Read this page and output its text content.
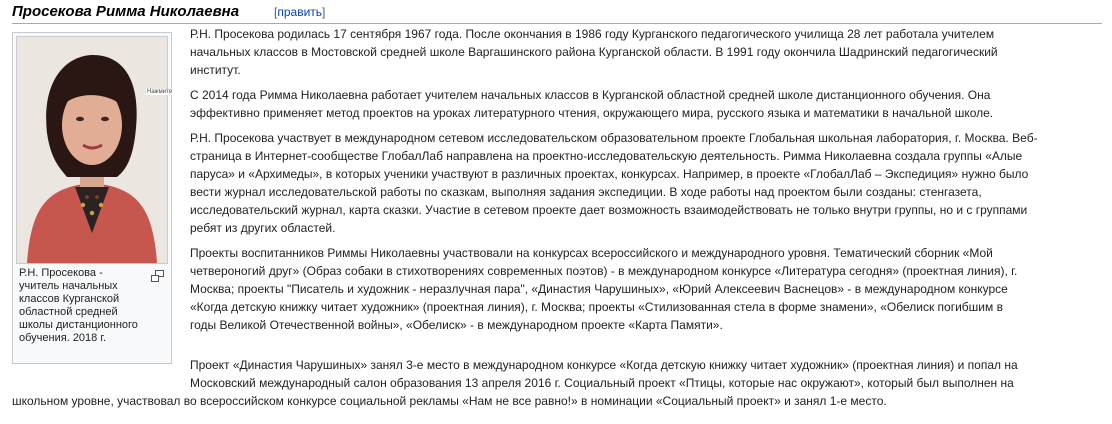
Просекова Римма Николаевна	[править]
Нажмите
Р.Н. Просекова - учитель начальных классов Курганской областной средней школы дистанционного обучения. 2018 г.

Р.Н. Просекова родилась 17 сентября 1967 года. После окончания в 1986 году Курганского педагогического училища 28 лет работала учителем
начальных классов в Мостовской средней школе Варгашинского района Курганской области. В 1991 году окончила Шадринский педагогический
институт.

С 2014 года Римма Николаевна работает учителем начальных классов в Курганской областной средней школе дистанционного обучения. Она
эффективно применяет метод проектов на уроках литературного чтения, окружающего мира, русского языка и математики в начальной школе.

Р.Н. Просекова участвует в международном сетевом исследовательском образовательном проекте Глобальная школьная лаборатория, г. Москва. Веб-
страница в Интернет-сообществе ГлобалЛаб направлена на проектно-исследовательскую деятельность. Римма Николаевна создала группы «Алые
паруса» и «Архимеды», в которых ученики участвуют в различных проектах, конкурсах. Например, в проекте «ГлобалЛаб – Экспедиция» нужно было
вести журнал исследовательской работы по сказкам, выполняя задания экспедиции. В ходе работы над проектом были созданы: стенгазета,
исследовательский журнал, карта сказки. Участие в сетевом проекте дает возможность взаимодействовать не только внутри группы, но и с группами
ребят из других областей.

Проекты воспитанников Риммы Николаевны участвовали на конкурсах всероссийского и международного уровня. Тематический сборник «Мой
четвероногий друг» (Образ собаки в стихотворениях современных поэтов) - в международном конкурсе «Литература сегодня» (проектная линия), г.
Москва; проекты "Писатель и художник - неразлучная пара", «Династия Чарушиных», «Юрий Алексеевич Васнецов» - в международном конкурсе
«Когда детскую книжку читает художник» (проектная линия), г. Москва; проекты «Стилизованная стела в форме знамени», «Обелиск погибшим в
годы Великой Отечественной войны», «Обелиск» - в международном проекте «Карта Памяти».

Проект «Династия Чарушиных» занял 3-е место в международном конкурсе «Когда детскую книжку читает художник» (проектная линия) и попал на
Московский международный салон образования 13 апреля 2016 г. Социальный проект «Птицы, которые нас окружают», который был выполнен на
школьном уровне, участвовал во всероссийском конкурсе социальной рекламы «Нам не все равно!» в номинации «Социальный проект» и занял 1-е место.
